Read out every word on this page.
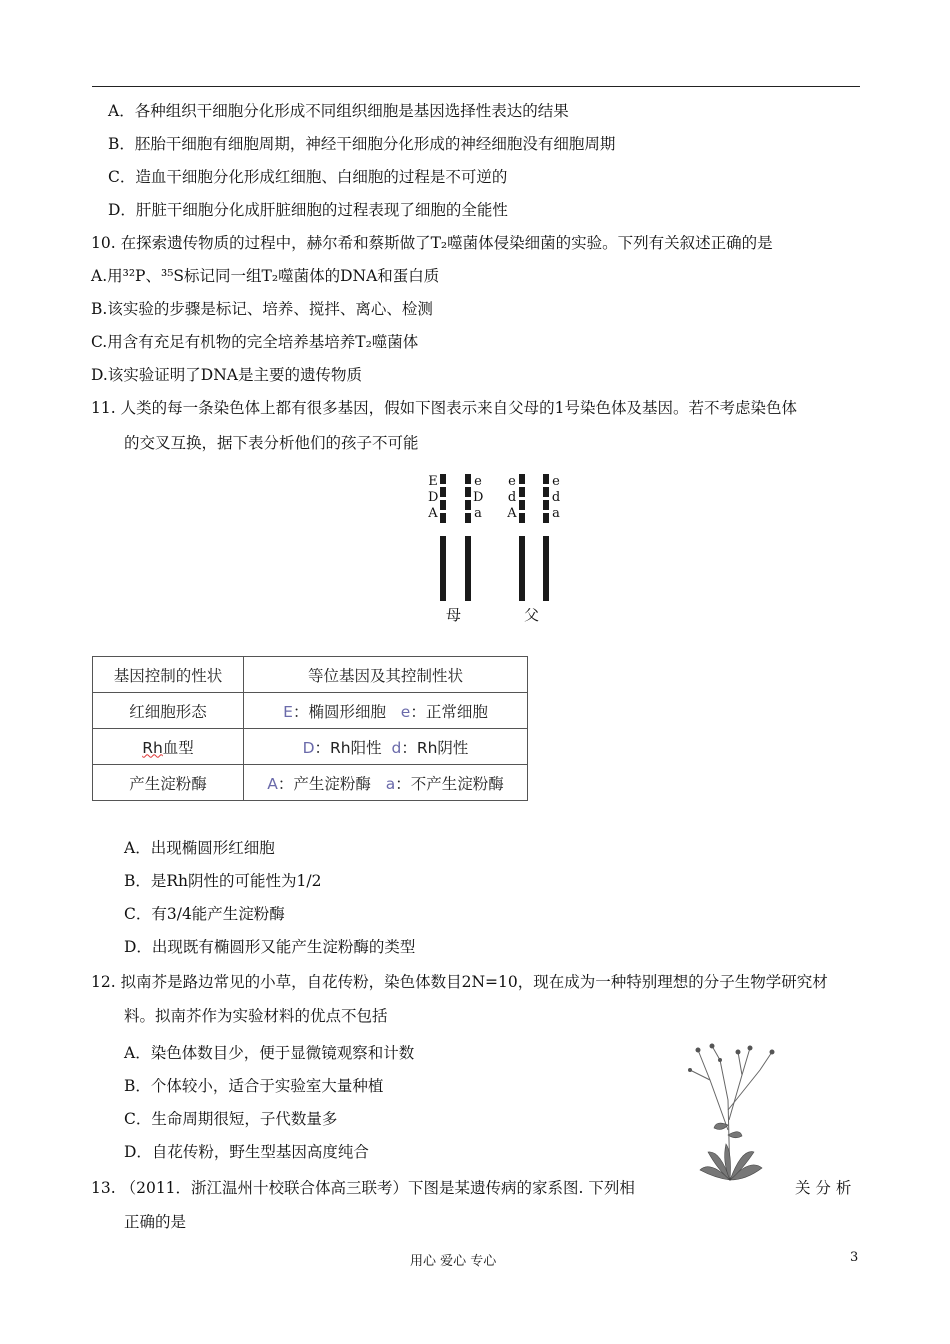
A．各种组织干细胞分化形成不同组织细胞是基因选择性表达的结果
B．胚胎干细胞有细胞周期，神经干细胞分化形成的神经细胞没有细胞周期
C．造血干细胞分化形成红细胞、白细胞的过程是不可逆的
D．肝脏干细胞分化成肝脏细胞的过程表现了细胞的全能性
10. 在探索遗传物质的过程中，赫尔希和蔡斯做了T₂噬菌体侵染细菌的实验。下列有关叙述正确的是
A.用³²P、³⁵S标记同一组T₂噬菌体的DNA和蛋白质
B.该实验的步骤是标记、培养、搅拌、离心、检测
C.用含有充足有机物的完全培养基培养T₂噬菌体
D.该实验证明了DNA是主要的遗传物质
11. 人类的每一条染色体上都有很多基因，假如下图表示来自父母的1号染色体及基因。若不考虑染色体
的交叉互换，据下表分析他们的孩子不可能
E
D
A
e
D
a
e
d
A
e
d
a
母	父
基因控制的性状	等位基因及其控制性状
红细胞形态	E：椭圆形细胞 e：正常细胞
Rh血型	D：Rh阳性 d：Rh阴性
产生淀粉酶	A：产生淀粉酶 a：不产生淀粉酶
A．出现椭圆形红细胞
B．是Rh阴性的可能性为1/2
C．有3/4能产生淀粉酶
D．出现既有椭圆形又能产生淀粉酶的类型
12. 拟南芥是路边常见的小草，自花传粉，染色体数目2N=10，现在成为一种特别理想的分子生物学研究材
料。拟南芥作为实验材料的优点不包括
A．染色体数目少，便于显微镜观察和计数
B．个体较小，适合于实验室大量种植
C．生命周期很短，子代数量多
D．自花传粉，野生型基因高度纯合
13. （2011．浙江温州十校联合体高三联考）下图是某遗传病的家系图. 下列相	关 分 析
正确的是
用心 爱心 专心	3
